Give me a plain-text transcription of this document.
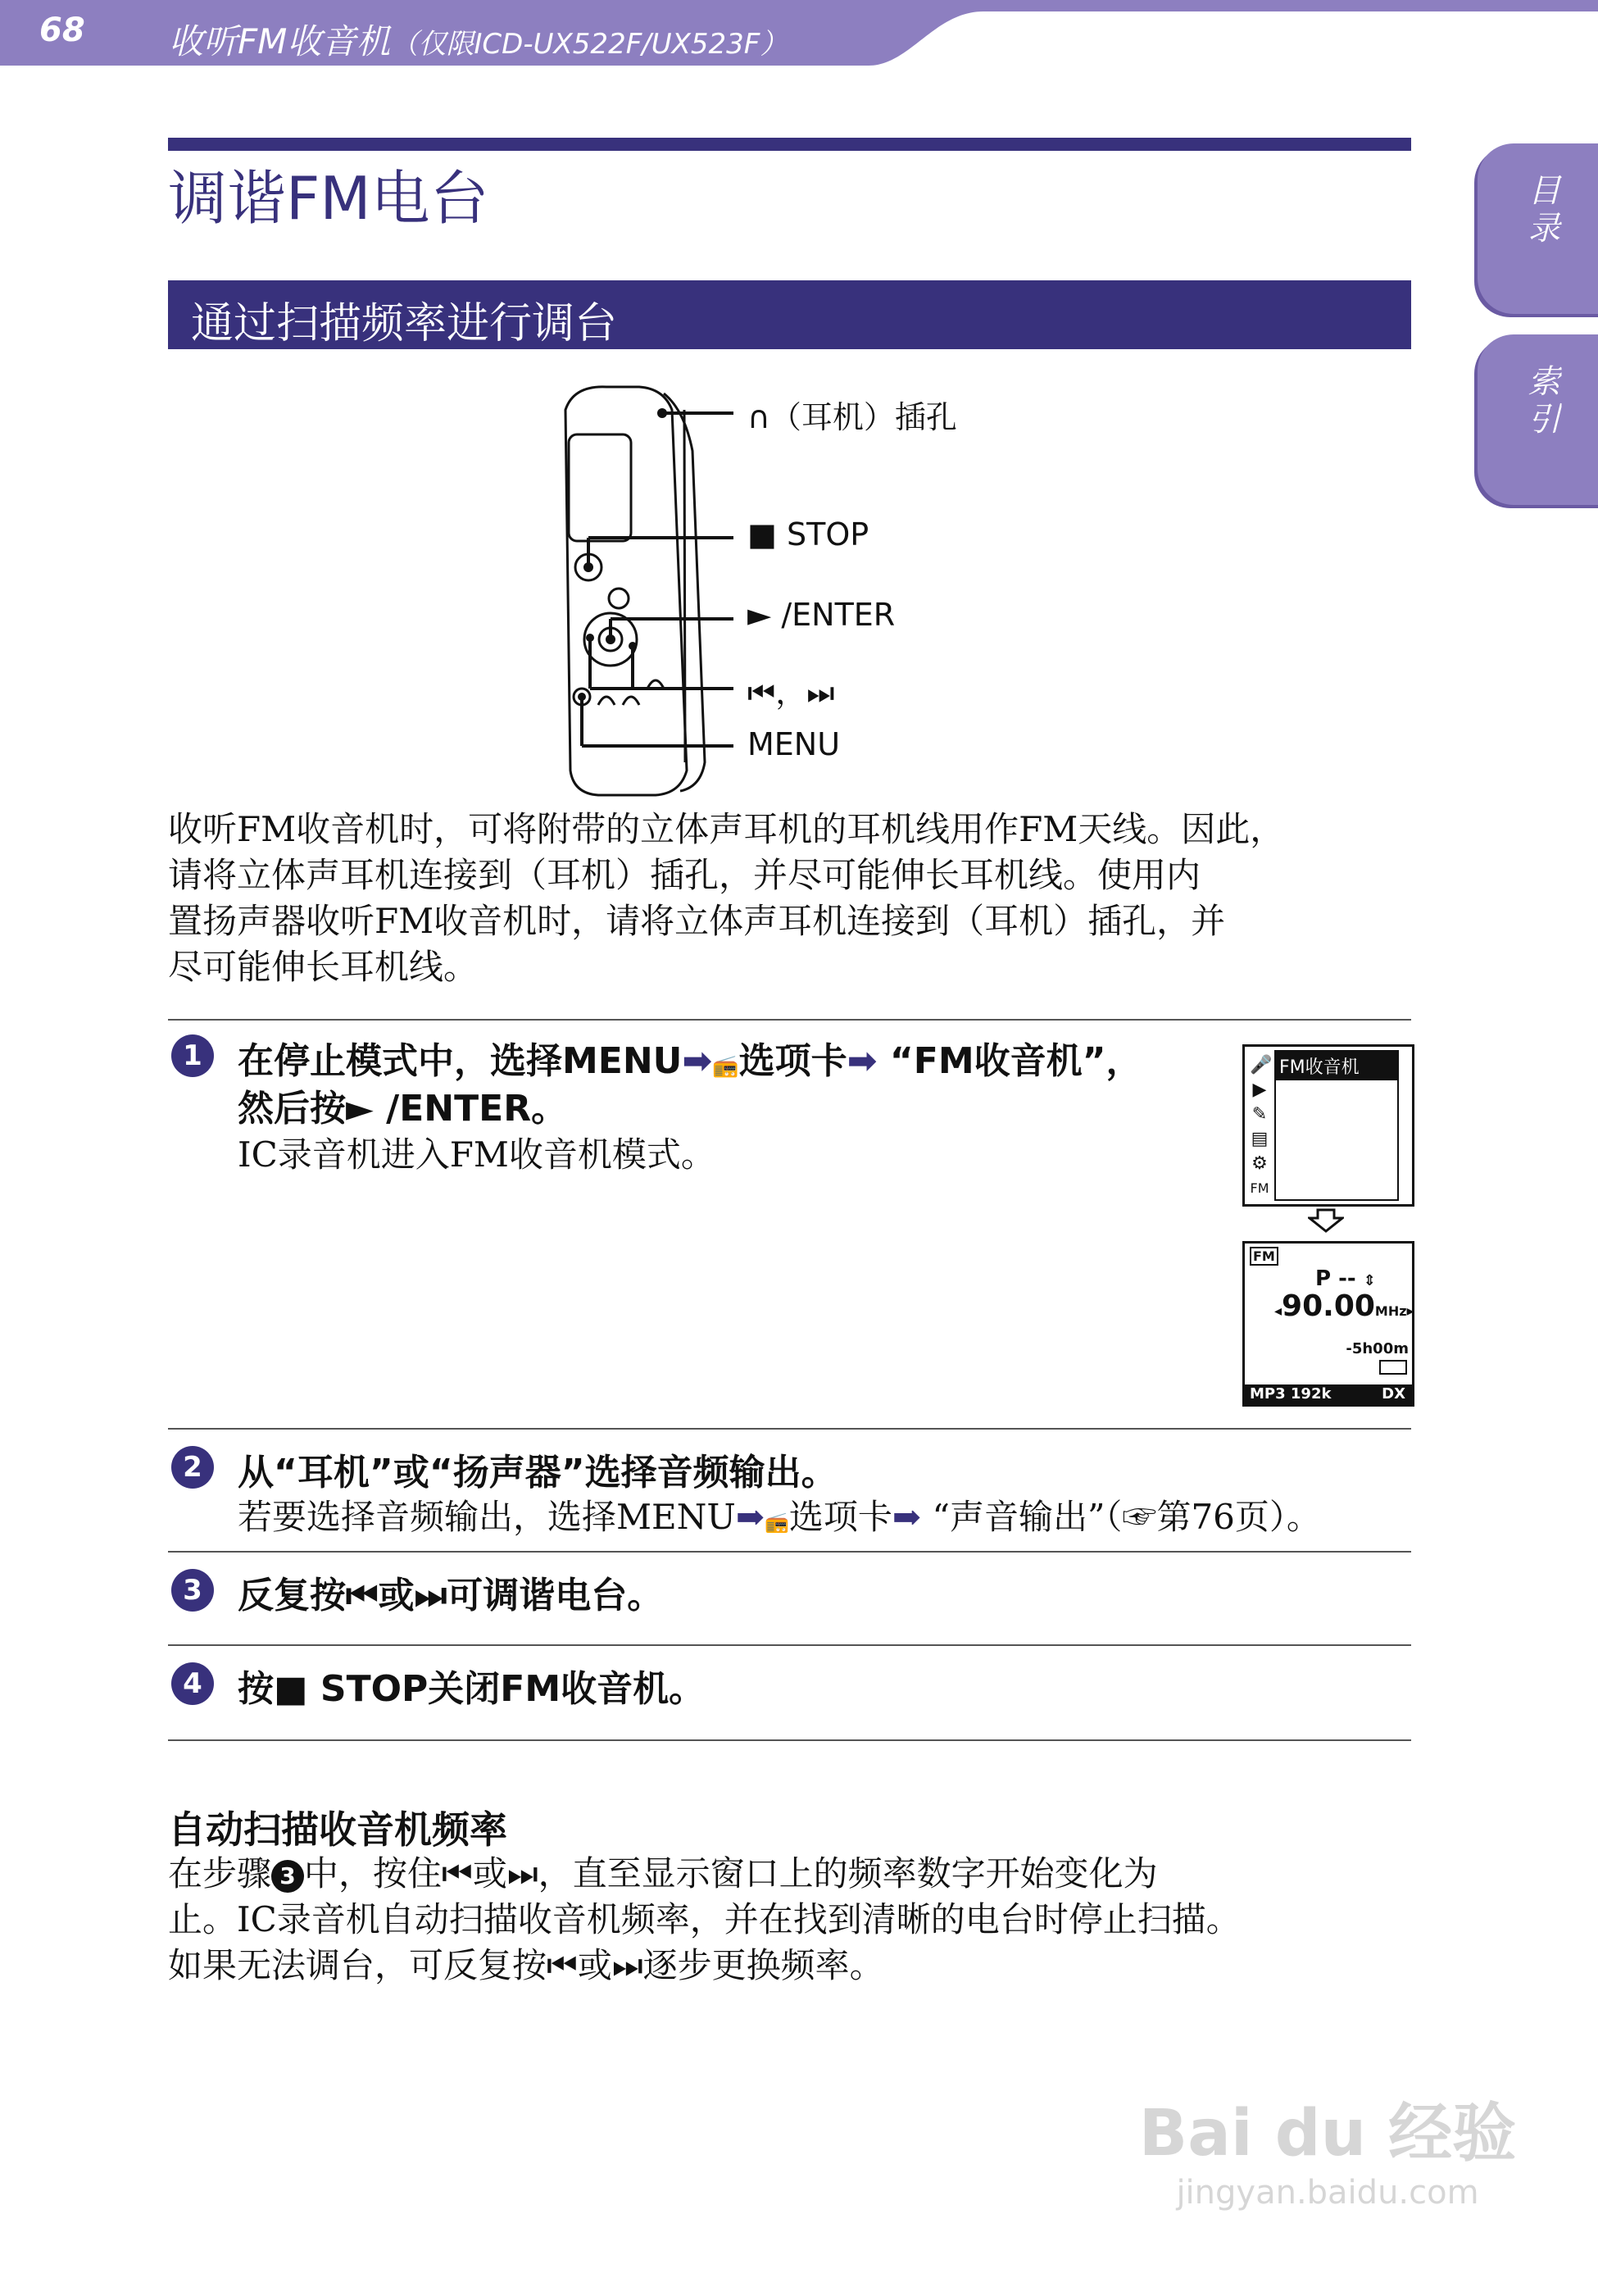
68 收听FM收音机（仅限ICD-UX522F/UX523F）
目录
索引
调谐FM电台
通过扫描频率进行调台
∩（耳机）插孔
■ STOP
► /ENTER
⏮，⏭
MENU
收听FM收音机时，可将附带的立体声耳机的耳机线用作FM天线。因此，
请将立体声耳机连接到（耳机）插孔，并尽可能伸长耳机线。使用内
置扬声器收听FM收音机时，请将立体声耳机连接到（耳机）插孔，并
尽可能伸长耳机线。
1 在停止模式中，选择MENU➡📻选项卡➡ “FM收音机”，
然后按► /ENTER。
IC录音机进入FM收音机模式。
🎤
▶
✎
▤
⚙
FM
FM收音机
FM
P -- ⇕
◂90.00MHz▸
-5h00m
MP3 192k	DX
2 从“耳机”或“扬声器”选择音频输出。
若要选择音频输出，选择MENU➡📻选项卡➡ “声音输出”（☞第76页）。
3 反复按⏮或⏭可调谐电台。
4 按■ STOP关闭FM收音机。
自动扫描收音机频率
在步骤 3 中，按住⏮或⏭，直至显示窗口上的频率数字开始变化为
止。IC录音机自动扫描收音机频率，并在找到清晰的电台时停止扫描。
如果无法调台，可反复按⏮或⏭逐步更换频率。
Bai du 经验
jingyan.baidu.com
